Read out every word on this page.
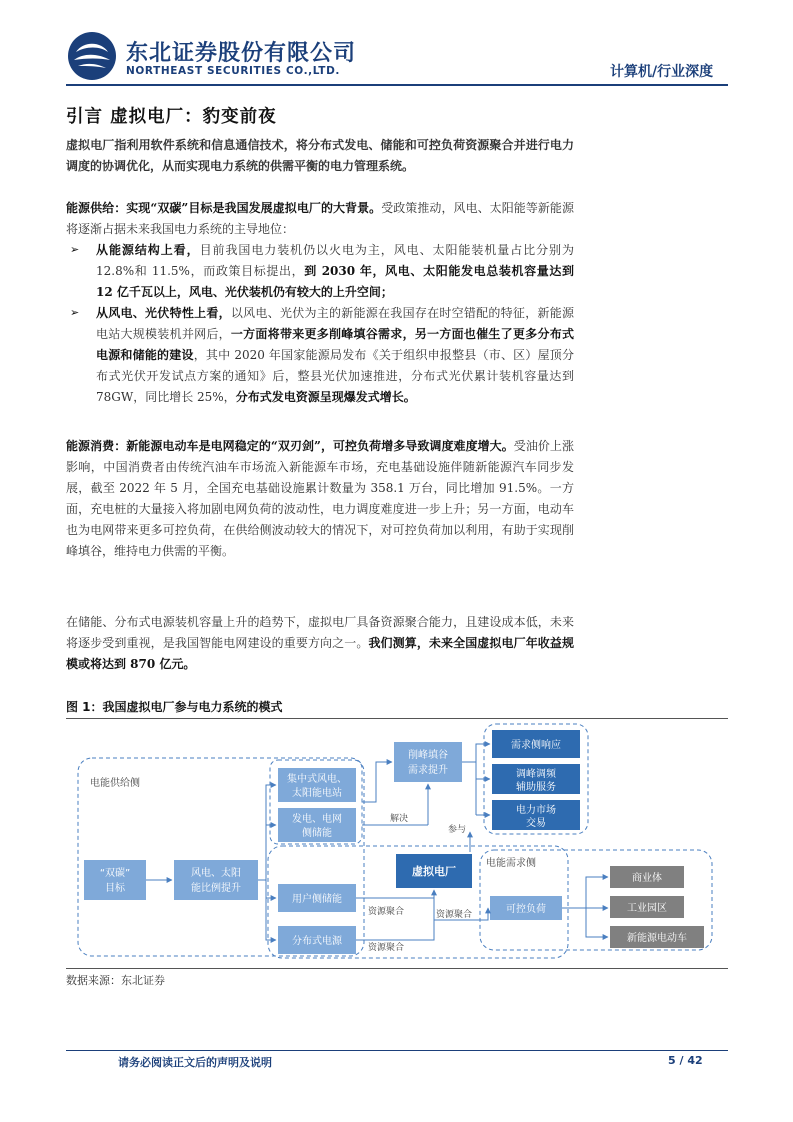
东北证券股份有限公司
NORTHEAST SECURITIES CO.,LTD.	计算机/行业深度
引言 虚拟电厂：豹变前夜

虚拟电厂指利用软件系统和信息通信技术，将分布式发电、储能和可控负荷资源聚合并进行电力调度的协调优化，从而实现电力系统的供需平衡的电力管理系统。

能源供给：实现“双碳”目标是我国发展虚拟电厂的大背景。受政策推动，风电、太阳能等新能源将逐渐占据未来我国电力系统的主导地位：

➢ 从能源结构上看，目前我国电力装机仍以火电为主，风电、太阳能装机量占比分别为 12.8%和 11.5%，而政策目标提出，到 2030 年，风电、太阳能发电总装机容量达到 12 亿千瓦以上，风电、光伏装机仍有较大的上升空间；

➢ 从风电、光伏特性上看，以风电、光伏为主的新能源在我国存在时空错配的特征，新能源电站大规模装机并网后，一方面将带来更多削峰填谷需求，另一方面也催生了更多分布式电源和储能的建设，其中 2020 年国家能源局发布《关于组织申报整县（市、区）屋顶分布式光伏开发试点方案的通知》后，整县光伏加速推进，分布式光伏累计装机容量达到 78GW，同比增长 25%，分布式发电资源呈现爆发式增长。

能源消费：新能源电动车是电网稳定的“双刃剑”，可控负荷增多导致调度难度增大。受油价上涨影响，中国消费者由传统汽油车市场流入新能源车市场，充电基础设施伴随新能源汽车同步发展，截至 2022 年 5 月，全国充电基础设施累计数量为 358.1 万台，同比增加 91.5%。一方面，充电桩的大量接入将加剧电网负荷的波动性，电力调度难度进一步上升；另一方面，电动车也为电网带来更多可控负荷，在供给侧波动较大的情况下，对可控负荷加以利用，有助于实现削峰填谷，维持电力供需的平衡。

在储能、分布式电源装机容量上升的趋势下，虚拟电厂具备资源聚合能力，且建设成本低，未来将逐步受到重视，是我国智能电网建设的重要方向之一。我们测算，未来全国虚拟电厂年收益规模或将达到 870 亿元。

图 1：我国虚拟电厂参与电力系统的模式
电能供给侧
电能需求侧
“双碳”
目标
风电、太阳
能比例提升
集中式风电、
太阳能电站
发电、电网
侧储能
用户侧储能
分布式电源
削峰填谷
需求提升
需求侧响应
调峰调频
辅助服务
电力市场
交易
虚拟电厂
可控负荷
商业体
工业园区
新能源电动车
解决
参与
资源聚合	资源聚合
资源聚合
数据来源：东北证券
请务必阅读正文后的声明及说明	5 / 42
